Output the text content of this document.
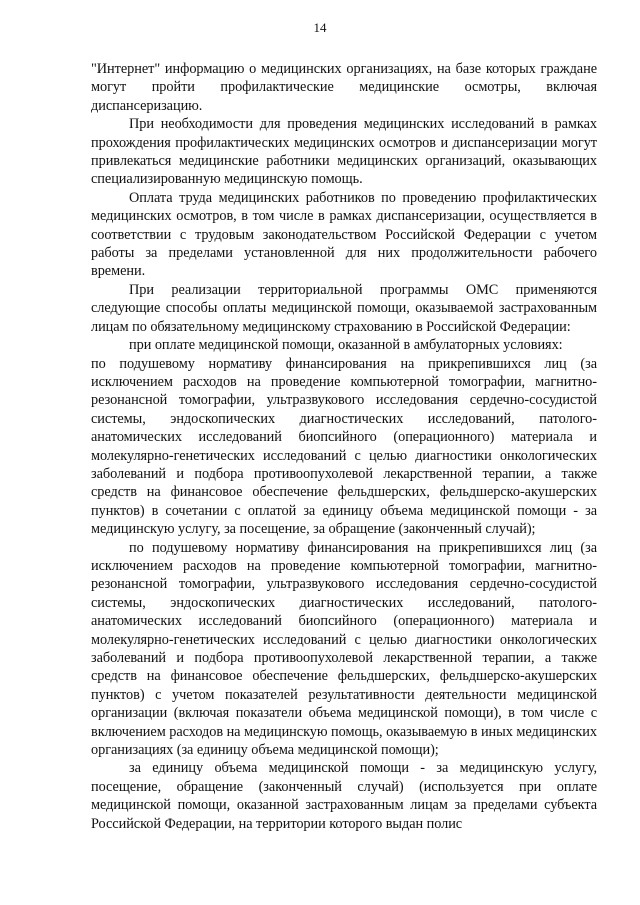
14

"Интернет" информацию о медицинских организациях, на базе которых граждане могут пройти профилактические медицинские осмотры, включая диспансеризацию.

При необходимости для проведения медицинских исследований в рамках прохождения профилактических медицинских осмотров и диспансеризации могут привлекаться медицинские работники медицинских организаций, оказывающих специализированную медицинскую помощь.

Оплата труда медицинских работников по проведению профилактических медицинских осмотров, в том числе в рамках диспансеризации, осуществляется в соответствии с трудовым законодательством Российской Федерации с учетом работы за пределами установленной для них продолжительности рабочего времени.

При реализации территориальной программы ОМС применяются следующие способы оплаты медицинской помощи, оказываемой застрахованным лицам по обязательному медицинскому страхованию в Российской Федерации:

при оплате медицинской помощи, оказанной в амбулаторных условиях:

по подушевому нормативу финансирования на прикрепившихся лиц (за исключением расходов на проведение компьютерной томографии, магнитно-резонансной томографии, ультразвукового исследования сердечно-сосудистой системы, эндоскопических диагностических исследований, патолого-анатомических исследований биопсийного (операционного) материала и молекулярно-генетических исследований с целью диагностики онкологических заболеваний и подбора противоопухолевой лекарственной терапии, а также средств на финансовое обеспечение фельдшерских, фельдшерско-акушерских пунктов) в сочетании с оплатой за единицу объема медицинской помощи - за медицинскую услугу, за посещение, за обращение (законченный случай);

по подушевому нормативу финансирования на прикрепившихся лиц (за исключением расходов на проведение компьютерной томографии, магнитно-резонансной томографии, ультразвукового исследования сердечно-сосудистой системы, эндоскопических диагностических исследований, патолого-анатомических исследований биопсийного (операционного) материала и молекулярно-генетических исследований с целью диагностики онкологических заболеваний и подбора противоопухолевой лекарственной терапии, а также средств на финансовое обеспечение фельдшерских, фельдшерско-акушерских пунктов) с учетом показателей результативности деятельности медицинской организации (включая показатели объема медицинской помощи), в том числе с включением расходов на медицинскую помощь, оказываемую в иных медицинских организациях (за единицу объема медицинской помощи);

за единицу объема медицинской помощи - за медицинскую услугу, посещение, обращение (законченный случай) (используется при оплате медицинской помощи, оказанной застрахованным лицам за пределами субъекта Российской Федерации, на территории которого выдан полис
